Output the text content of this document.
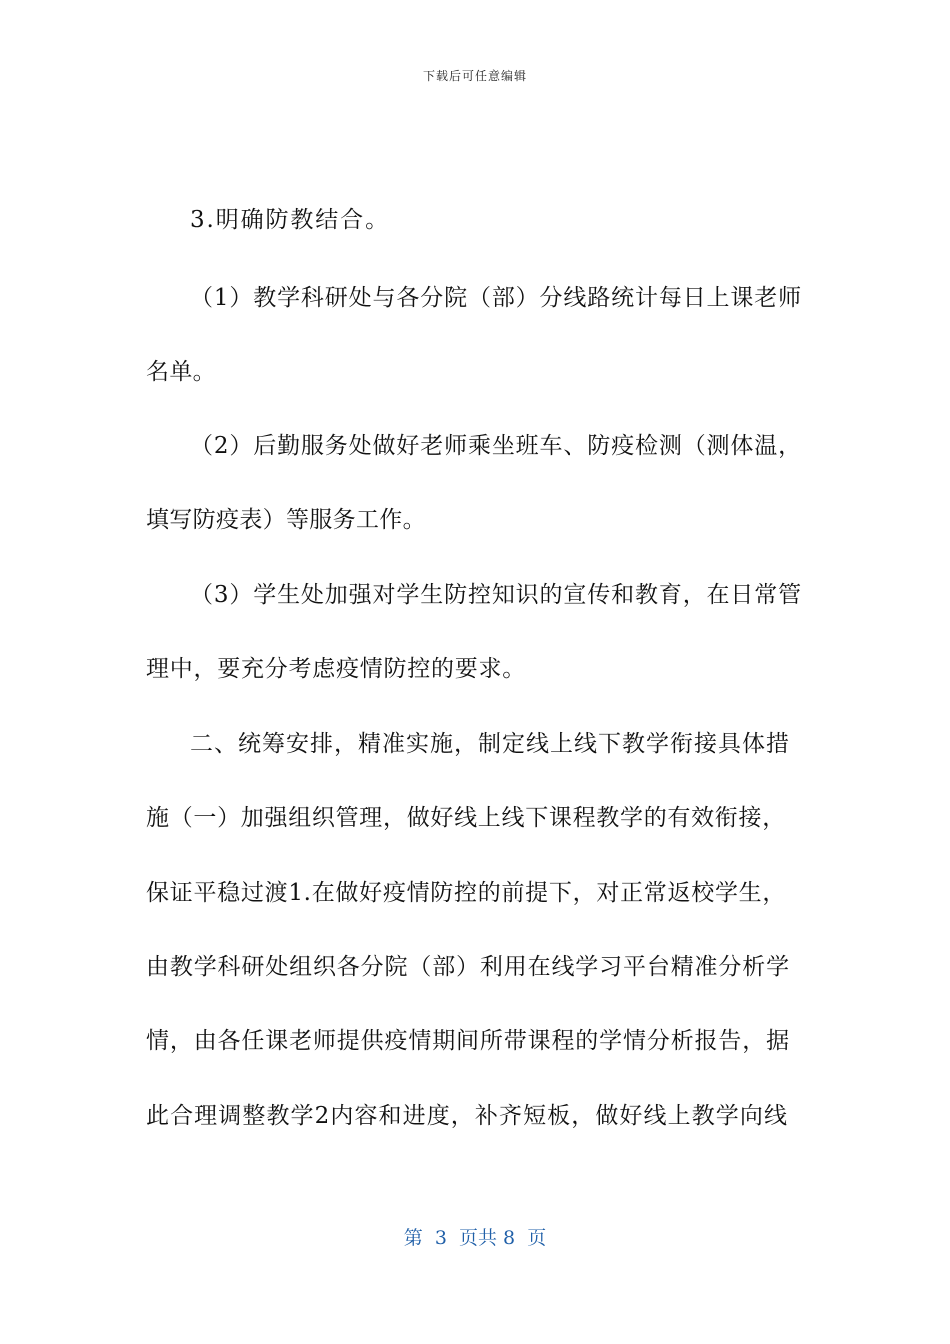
下载后可任意编辑
3.明确防教结合。
（1）教学科研处与各分院（部）分线路统计每日上课老师
名单。
（2）后勤服务处做好老师乘坐班车、防疫检测（测体温，
填写防疫表）等服务工作。
（3）学生处加强对学生防控知识的宣传和教育，在日常管
理中，要充分考虑疫情防控的要求。
二、统筹安排，精准实施，制定线上线下教学衔接具体措
施（一）加强组织管理，做好线上线下课程教学的有效衔接，
保证平稳过渡1.在做好疫情防控的前提下，对正常返校学生，
由教学科研处组织各分院（部）利用在线学习平台精准分析学
情，由各任课老师提供疫情期间所带课程的学情分析报告，据
此合理调整教学2内容和进度，补齐短板，做好线上教学向线
第  3  页共 8  页
